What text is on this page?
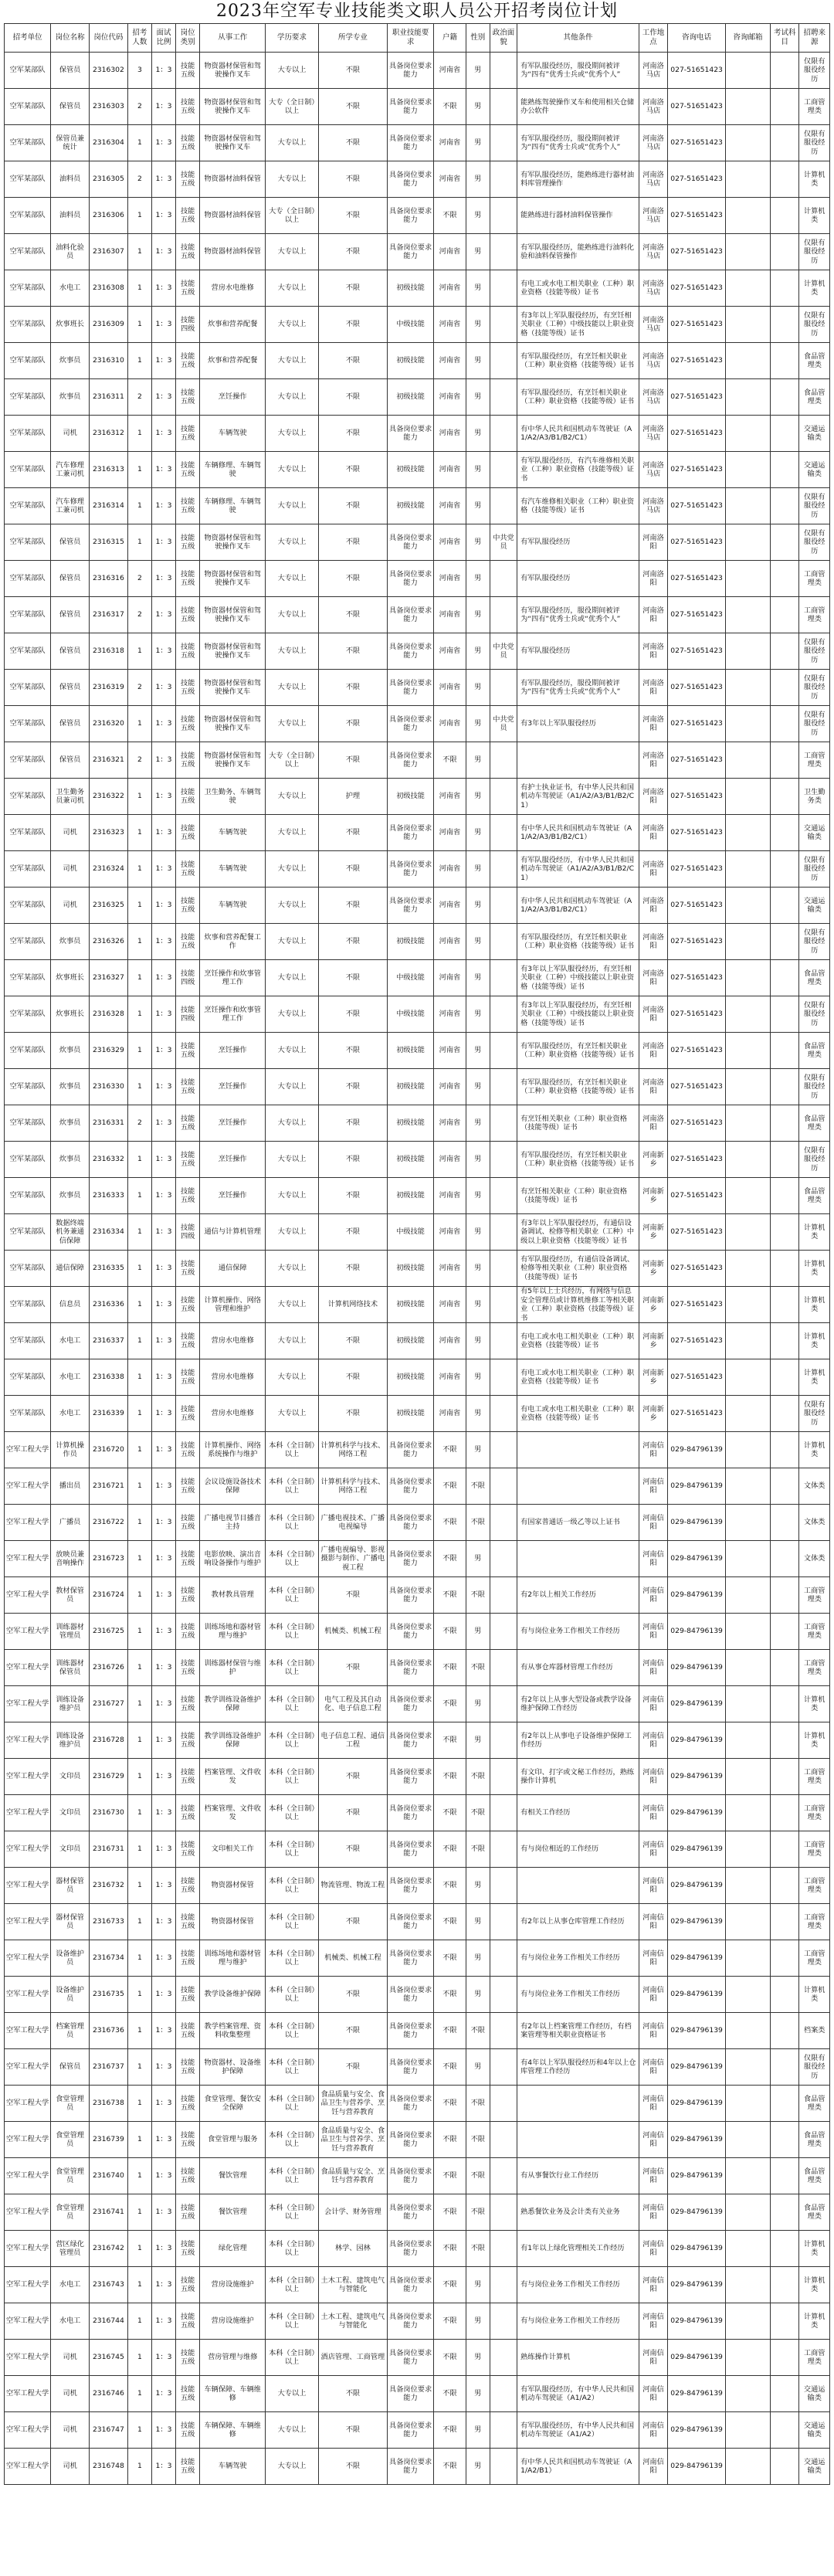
2023年空军专业技能类文职人员公开招考岗位计划
招考单位	岗位名称	岗位代码	招考人数	面试比例	岗位类别	从事工作	学历要求	所学专业	职业技能要求	户籍	性别	政治面貌	其他条件	工作地点	咨询电话	咨询邮箱	考试科目	招聘来源
空军某部队	保管员	2316302	3	1：3	技能五级	物资器材保管和驾驶操作叉车	大专以上	不限	具备岗位要求能力	河南省	男		有军队服役经历，服役期间被评为“四有”优秀士兵或“优秀个人”	河南洛马店	027-51651423			仅限有服役经历
空军某部队	保管员	2316303	2	1：3	技能五级	物资器材保管和驾驶操作叉车	大专（全日制）以上	不限	具备岗位要求能力	不限	男		能熟练驾驶操作叉车和使用相关仓储办公软件	河南洛马店	027-51651423			工商管理类
空军某部队	保管员兼统计	2316304	1	1：3	技能五级	物资器材保管和驾驶操作叉车	大专以上	不限	具备岗位要求能力	河南省	男		有军队服役经历，服役期间被评为“四有”优秀士兵或“优秀个人”	河南洛马店	027-51651423			仅限有服役经历
空军某部队	油料员	2316305	2	1：3	技能五级	物资器材油料保管	大专以上	不限	具备岗位要求能力	河南省	男		有军队服役经历，能熟练进行器材油料库管理操作	河南洛马店	027-51651423			计算机类
空军某部队	油料员	2316306	1	1：3	技能五级	物资器材油料保管	大专（全日制）以上	不限	具备岗位要求能力	不限	男		能熟练进行器材油料保管操作	河南洛马店	027-51651423			计算机类
空军某部队	油料化验员	2316307	1	1：3	技能五级	物资器材油料保管	大专以上	不限	具备岗位要求能力	河南省	男		有军队服役经历，能熟练进行油料化验和油料保管操作	河南洛马店	027-51651423			仅限有服役经历
空军某部队	水电工	2316308	1	1：3	技能五级	营房水电维修	大专以上	不限	初级技能	河南省	男		有电工或水电工相关职业（工种）职业资格（技能等级）证书	河南洛马店	027-51651423			计算机类
空军某部队	炊事班长	2316309	1	1：3	技能四级	炊事和营养配餐	大专以上	不限	中级技能	河南省	男		有3年以上军队服役经历，有烹饪相关职业（工种）中级技能以上职业资格（技能等级）证书	河南洛马店	027-51651423			仅限有服役经历
空军某部队	炊事员	2316310	1	1：3	技能五级	炊事和营养配餐	大专以上	不限	初级技能	河南省	男		有军队服役经历，有烹饪相关职业（工种）职业资格（技能等级）证书	河南洛马店	027-51651423			食品管理类
空军某部队	炊事员	2316311	2	1：3	技能五级	烹饪操作	大专以上	不限	初级技能	河南省	男		有军队服役经历，有烹饪相关职业（工种）职业资格（技能等级）证书	河南洛马店	027-51651423			食品管理类
空军某部队	司机	2316312	1	1：3	技能五级	车辆驾驶	大专以上	不限	具备岗位要求能力	河南省	男		有中华人民共和国机动车驾驶证（A1/A2/A3/B1/B2/C1）	河南洛马店	027-51651423			交通运输类
空军某部队	汽车修理工兼司机	2316313	1	1：3	技能五级	车辆修理、车辆驾驶	大专以上	不限	初级技能	河南省	男		有军队服役经历，有汽车维修相关职业（工种）职业资格（技能等级）证书	河南洛马店	027-51651423			交通运输类
空军某部队	汽车修理工兼司机	2316314	1	1：3	技能五级	车辆修理、车辆驾驶	大专以上	不限	初级技能	河南省	男		有汽车维修相关职业（工种）职业资格（技能等级）证书	河南洛马店	027-51651423			仅限有服役经历
空军某部队	保管员	2316315	1	1：3	技能五级	物资器材保管和驾驶操作叉车	大专以上	不限	具备岗位要求能力	河南省	男	中共党员	有军队服役经历	河南洛阳	027-51651423			仅限有服役经历
空军某部队	保管员	2316316	2	1：3	技能五级	物资器材保管和驾驶操作叉车	大专以上	不限	具备岗位要求能力	河南省	男		有军队服役经历	河南洛阳	027-51651423			工商管理类
空军某部队	保管员	2316317	2	1：3	技能五级	物资器材保管和驾驶操作叉车	大专以上	不限	具备岗位要求能力	河南省	男		有军队服役经历，服役期间被评为“四有”优秀士兵或“优秀个人”	河南洛阳	027-51651423			工商管理类
空军某部队	保管员	2316318	1	1：3	技能五级	物资器材保管和驾驶操作叉车	大专以上	不限	具备岗位要求能力	河南省	男	中共党员	有军队服役经历	河南洛阳	027-51651423			仅限有服役经历
空军某部队	保管员	2316319	2	1：3	技能五级	物资器材保管和驾驶操作叉车	大专以上	不限	具备岗位要求能力	河南省	男		有军队服役经历，服役期间被评为“四有”优秀士兵或“优秀个人”	河南洛阳	027-51651423			仅限有服役经历
空军某部队	保管员	2316320	1	1：3	技能五级	物资器材保管和驾驶操作叉车	大专以上	不限	具备岗位要求能力	河南省	男	中共党员	有3年以上军队服役经历	河南洛阳	027-51651423			仅限有服役经历
空军某部队	保管员	2316321	2	1：3	技能五级	物资器材保管和驾驶操作叉车	大专（全日制）以上	不限	具备岗位要求能力	不限	男			河南洛阳	027-51651423			工商管理类
空军某部队	卫生勤务员兼司机	2316322	1	1：3	技能五级	卫生勤务、车辆驾驶	大专以上	护理	初级技能	河南省	男		有护士执业证书，有中华人民共和国机动车驾驶证（A1/A2/A3/B1/B2/C1）	河南洛阳	027-51651423			卫生勤务类
空军某部队	司机	2316323	1	1：3	技能五级	车辆驾驶	大专以上	不限	具备岗位要求能力	河南省	男		有中华人民共和国机动车驾驶证（A1/A2/A3/B1/B2/C1）	河南洛阳	027-51651423			交通运输类
空军某部队	司机	2316324	1	1：3	技能五级	车辆驾驶	大专以上	不限	具备岗位要求能力	河南省	男		有军队服役经历，有中华人民共和国机动车驾驶证（A1/A2/A3/B1/B2/C1）	河南洛阳	027-51651423			仅限有服役经历
空军某部队	司机	2316325	1	1：3	技能五级	车辆驾驶	大专以上	不限	具备岗位要求能力	河南省	男		有中华人民共和国机动车驾驶证（A1/A2/A3/B1/B2/C1）	河南洛阳	027-51651423			交通运输类
空军某部队	炊事员	2316326	1	1：3	技能五级	炊事和营养配餐工作	大专以上	不限	初级技能	河南省	男		有军队服役经历，有烹饪相关职业（工种）职业资格（技能等级）证书	河南洛阳	027-51651423			仅限有服役经历
空军某部队	炊事班长	2316327	1	1：3	技能四级	烹饪操作和炊事管理工作	大专以上	不限	中级技能	河南省	男		有3年以上军队服役经历，有烹饪相关职业（工种）中级技能以上职业资格（技能等级）证书	河南洛阳	027-51651423			食品管理类
空军某部队	炊事班长	2316328	1	1：3	技能四级	烹饪操作和炊事管理工作	大专以上	不限	中级技能	河南省	男		有3年以上军队服役经历，有烹饪相关职业（工种）中级技能以上职业资格（技能等级）证书	河南洛阳	027-51651423			仅限有服役经历
空军某部队	炊事员	2316329	1	1：3	技能五级	烹饪操作	大专以上	不限	初级技能	河南省	男		有军队服役经历，有烹饪相关职业（工种）职业资格（技能等级）证书	河南洛阳	027-51651423			食品管理类
空军某部队	炊事员	2316330	1	1：3	技能五级	烹饪操作	大专以上	不限	初级技能	河南省	男		有军队服役经历，有烹饪相关职业（工种）职业资格（技能等级）证书	河南洛阳	027-51651423			仅限有服役经历
空军某部队	炊事员	2316331	2	1：3	技能五级	烹饪操作	大专以上	不限	初级技能	河南省	男		有烹饪相关职业（工种）职业资格（技能等级）证书	河南洛阳	027-51651423			食品管理类
空军某部队	炊事员	2316332	1	1：3	技能五级	烹饪操作	大专以上	不限	初级技能	河南省	男		有军队服役经历，有烹饪相关职业（工种）职业资格（技能等级）证书	河南新乡	027-51651423			仅限有服役经历
空军某部队	炊事员	2316333	1	1：3	技能五级	烹饪操作	大专以上	不限	初级技能	河南省	男		有烹饪相关职业（工种）职业资格（技能等级）证书	河南新乡	027-51651423			食品管理类
空军某部队	数据终端机务兼通信保障	2316334	1	1：3	技能四级	通信与计算机管理	大专以上	不限	中级技能	河南省	男		有3年以上军队服役经历，有通信设备调试、检修等相关职业（工种）中级以上职业资格（技能等级）证书	河南新乡	027-51651423			计算机类
空军某部队	通信保障	2316335	1	1：3	技能五级	通信保障	大专以上	不限	初级技能	河南省	男		有军队服役经历，有通信设备调试、检修等相关职业（工种）职业资格（技能等级）证书	河南新乡	027-51651423			计算机类
空军某部队	信息员	2316336	1	1：3	技能五级	计算机操作、网络管理和维护	大专以上	计算机网络技术	初级技能	河南省	男		有5年以上士兵经历，有网络与信息安全管理员或计算机维修工等相关职业（工种）职业资格（技能等级）证书	河南新乡	027-51651423			计算机类
空军某部队	水电工	2316337	1	1：3	技能五级	营房水电维修	大专以上	不限	初级技能	河南省	男		有电工或水电工相关职业（工种）职业资格（技能等级）证书	河南新乡	027-51651423			计算机类
空军某部队	水电工	2316338	1	1：3	技能五级	营房水电维修	大专以上	不限	初级技能	河南省	男		有电工或水电工相关职业（工种）职业资格（技能等级）证书	河南新乡	027-51651423			计算机类
空军某部队	水电工	2316339	1	1：3	技能五级	营房水电维修	大专以上	不限	初级技能	河南省	男		有电工或水电工相关职业（工种）职业资格（技能等级）证书	河南新乡	027-51651423			仅限有服役经历
空军工程大学	计算机操作员	2316720	1	1：3	技能五级	计算机操作、网络系统操作与维护	本科（全日制）以上	计算机科学与技术、网络工程	具备岗位要求能力	不限	男			河南信阳	029-84796139			计算机类
空军工程大学	播出员	2316721	1	1：3	技能五级	会议设施设备技术保障	本科（全日制）以上	计算机科学与技术、网络工程	具备岗位要求能力	不限	不限			河南信阳	029-84796139			文体类
空军工程大学	广播员	2316722	1	1：3	技能五级	广播电视节目播音主持	本科（全日制）以上	广播电视技术、广播电视编导	具备岗位要求能力	不限	不限		有国家普通话一级乙等以上证书	河南信阳	029-84796139			文体类
空军工程大学	放映员兼音响操作	2316723	1	1：3	技能五级	电影放映、演出音响设备操作与维护	本科（全日制）以上	广播电视编导、影视摄影与制作、广播电视工程	具备岗位要求能力	不限	男			河南信阳	029-84796139			文体类
空军工程大学	教材保管员	2316724	1	1：3	技能五级	教材教具管理	本科（全日制）以上	不限	具备岗位要求能力	不限	不限		有2年以上相关工作经历	河南信阳	029-84796139			工商管理类
空军工程大学	训练器材管理员	2316725	1	1：3	技能五级	训练场地和器材管理与维护	本科（全日制）以上	机械类、机械工程	具备岗位要求能力	不限	男		有与岗位业务工作相关工作经历	河南信阳	029-84796139			工商管理类
空军工程大学	训练器材保管员	2316726	1	1：3	技能五级	训练器材保管与维护	本科（全日制）以上	不限	具备岗位要求能力	不限	不限		有从事仓库器材管理工作经历	河南信阳	029-84796139			工商管理类
空军工程大学	训练设备维护员	2316727	1	1：3	技能五级	教学训练设备维护保障	本科（全日制）以上	电气工程及其自动化、电子信息工程	具备岗位要求能力	不限	男		有2年以上从事大型设备或教学设备维护保障工作经历	河南信阳	029-84796139			计算机类
空军工程大学	训练设备维护员	2316728	1	1：3	技能五级	教学训练设备维护保障	本科（全日制）以上	电子信息工程、通信工程	具备岗位要求能力	不限	男		有2年以上从事电子设备维护保障工作经历	河南信阳	029-84796139			计算机类
空军工程大学	文印员	2316729	1	1：3	技能五级	档案管理、文件收发	本科（全日制）以上	不限	具备岗位要求能力	不限	不限		有文印、打字或文秘工作经历，熟练操作计算机	河南信阳	029-84796139			工商管理类
空军工程大学	文印员	2316730	1	1：3	技能五级	档案管理、文件收发	本科（全日制）以上	不限	具备岗位要求能力	不限	不限		有相关工作经历	河南信阳	029-84796139			工商管理类
空军工程大学	文印员	2316731	1	1：3	技能五级	文印相关工作	本科（全日制）以上	不限	具备岗位要求能力	不限	不限		有与岗位相近的工作经历	河南信阳	029-84796139			工商管理类
空军工程大学	器材保管员	2316732	1	1：3	技能五级	物资器材保管	本科（全日制）以上	物流管理、物流工程	具备岗位要求能力	不限	男			河南信阳	029-84796139			工商管理类
空军工程大学	器材保管员	2316733	1	1：3	技能五级	物资器材保管	本科（全日制）以上	不限	具备岗位要求能力	不限	男		有2年以上从事仓库管理工作经历	河南信阳	029-84796139			工商管理类
空军工程大学	设备维护员	2316734	1	1：3	技能五级	训练场地和器材管理与维护	本科（全日制）以上	机械类、机械工程	具备岗位要求能力	不限	男		有与岗位业务工作相关工作经历	河南信阳	029-84796139			工商管理类
空军工程大学	设备维护员	2316735	1	1：3	技能五级	教学设备维护保障	本科（全日制）以上	不限	具备岗位要求能力	不限	男		有与岗位业务工作相关工作经历	河南信阳	029-84796139			计算机类
空军工程大学	档案管理员	2316736	1	1：3	技能五级	教学档案管理、资料收集整理	本科（全日制）以上	不限	具备岗位要求能力	不限	不限		有2年以上档案管理工作经历，有档案管理等相关职业资格证书	河南信阳	029-84796139			档案类
空军工程大学	保管员	2316737	1	1：3	技能五级	物资器材、设备维护保障	本科（全日制）以上	不限	具备岗位要求能力	不限	男		有4年以上军队服役经历和4年以上仓库管理工作经历	河南信阳	029-84796139			仅限有服役经历
空军工程大学	食堂管理员	2316738	1	1：3	技能五级	食堂管理、餐饮安全保障	本科（全日制）以上	食品质量与安全、食品卫生与营养学、烹饪与营养教育	具备岗位要求能力	不限	不限			河南信阳	029-84796139			食品管理类
空军工程大学	食堂管理员	2316739	1	1：3	技能五级	食堂管理与服务	本科（全日制）以上	食品质量与安全、食品卫生与营养学、烹饪与营养教育	具备岗位要求能力	不限	不限			河南信阳	029-84796139			食品管理类
空军工程大学	食堂管理员	2316740	1	1：3	技能五级	餐饮管理	本科（全日制）以上	食品质量与安全、烹饪与营养教育	具备岗位要求能力	不限	不限		有从事餐饮行业工作经历	河南信阳	029-84796139			食品管理类
空军工程大学	食堂管理员	2316741	1	1：3	技能五级	餐饮管理	本科（全日制）以上	会计学、财务管理	具备岗位要求能力	不限	不限		熟悉餐饮业务及会计类有关业务	河南信阳	029-84796139			食品管理类
空军工程大学	营区绿化管理员	2316742	1	1：3	技能五级	绿化管理	本科（全日制）以上	林学、园林	具备岗位要求能力	不限	不限		有1年以上绿化管理相关工作经历	河南信阳	029-84796139			计算机类
空军工程大学	水电工	2316743	1	1：3	技能五级	营房设施维护	本科（全日制）以上	土木工程、建筑电气与智能化	具备岗位要求能力	不限	男		有与岗位业务工作相关工作经历	河南信阳	029-84796139			计算机类
空军工程大学	水电工	2316744	1	1：3	技能五级	营房设施维护	本科（全日制）以上	土木工程、建筑电气与智能化	具备岗位要求能力	不限	男		有与岗位业务工作相关工作经历	河南信阳	029-84796139			计算机类
空军工程大学	司机	2316745	1	1：3	技能五级	营房管理与维修	本科（全日制）以上	酒店管理、工商管理	具备岗位要求能力	不限	男		熟练操作计算机	河南信阳	029-84796139			工商管理类
空军工程大学	司机	2316746	1	1：3	技能五级	车辆保障、车辆维修	大专以上	不限	具备岗位要求能力	不限	男		有军队服役经历，有中华人民共和国机动车驾驶证（A1/A2）	河南信阳	029-84796139			交通运输类
空军工程大学	司机	2316747	1	1：3	技能五级	车辆保障、车辆维修	大专以上	不限	具备岗位要求能力	不限	男		有军队服役经历，有中华人民共和国机动车驾驶证（A1/A2）	河南信阳	029-84796139			交通运输类
空军工程大学	司机	2316748	1	1：3	技能五级	车辆驾驶	大专以上	不限	具备岗位要求能力	不限	男		有中华人民共和国机动车驾驶证（A1/A2/B1）	河南信阳	029-84796139			交通运输类
